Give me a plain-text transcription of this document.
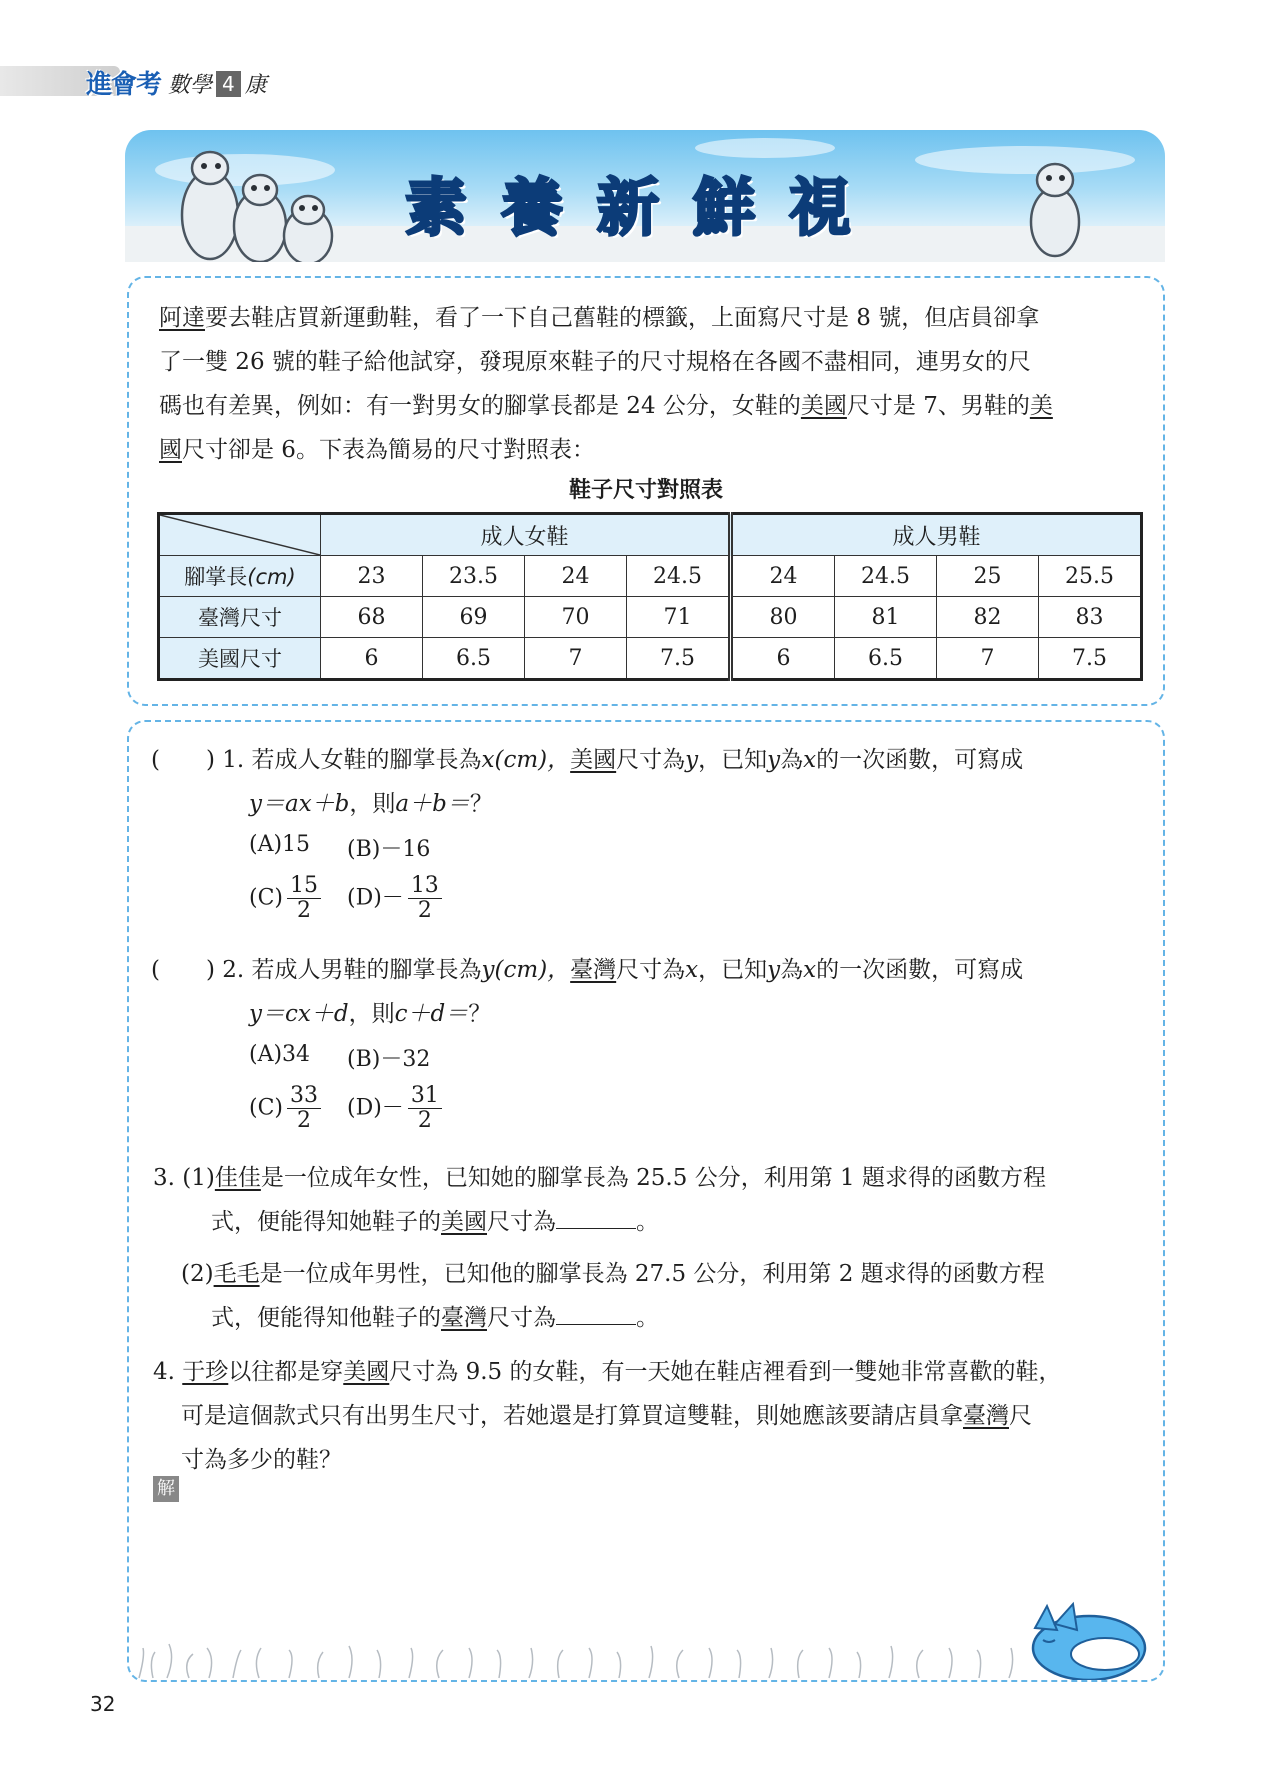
進會考 數學 4 康
素養新鮮視

阿達要去鞋店買新運動鞋，看了一下自己舊鞋的標籤，上面寫尺寸是 8 號，但店員卻拿

了一雙 26 號的鞋子給他試穿，發現原來鞋子的尺寸規格在各國不盡相同，連男女的尺

碼也有差異，例如：有一對男女的腳掌長都是 24 公分，女鞋的美國尺寸是 7、男鞋的美

國尺寸卻是 6。下表為簡易的尺寸對照表：

鞋子尺寸對照表
	成人女鞋				成人男鞋			
腳掌長(cm)	23	23.5	24	24.5	24	24.5	25	25.5
臺灣尺寸	68	69	70	71	80	81	82	83
美國尺寸	6	6.5	7	7.5	6	6.5	7	7.5
(　　) 1. 若成人女鞋的腳掌長為x(cm)，美國尺寸為y，已知y為x的一次函數，可寫成
y＝ax＋b，則a＋b＝？
(A)15 (B)－16
$(C) \frac{15}{2} (D)- \frac{13}{2}$
(　　) 2. 若成人男鞋的腳掌長為y(cm)，臺灣尺寸為x，已知y為x的一次函數，可寫成
y＝cx＋d，則c＋d＝？
(A)34 (B)－32
$(C) \frac{33}{2} (D)- \frac{31}{2}$
3. (1)佳佳是一位成年女性，已知她的腳掌長為 25.5 公分，利用第 1 題求得的函數方程
式，便能得知她鞋子的美國尺寸為	。
(2)毛毛是一位成年男性，已知他的腳掌長為 27.5 公分，利用第 2 題求得的函數方程
式，便能得知他鞋子的臺灣尺寸為	。
4. 于珍以往都是穿美國尺寸為 9.5 的女鞋，有一天她在鞋店裡看到一雙她非常喜歡的鞋，
可是這個款式只有出男生尺寸，若她還是打算買這雙鞋，則她應該要請店員拿臺灣尺
寸為多少的鞋？
解
32
